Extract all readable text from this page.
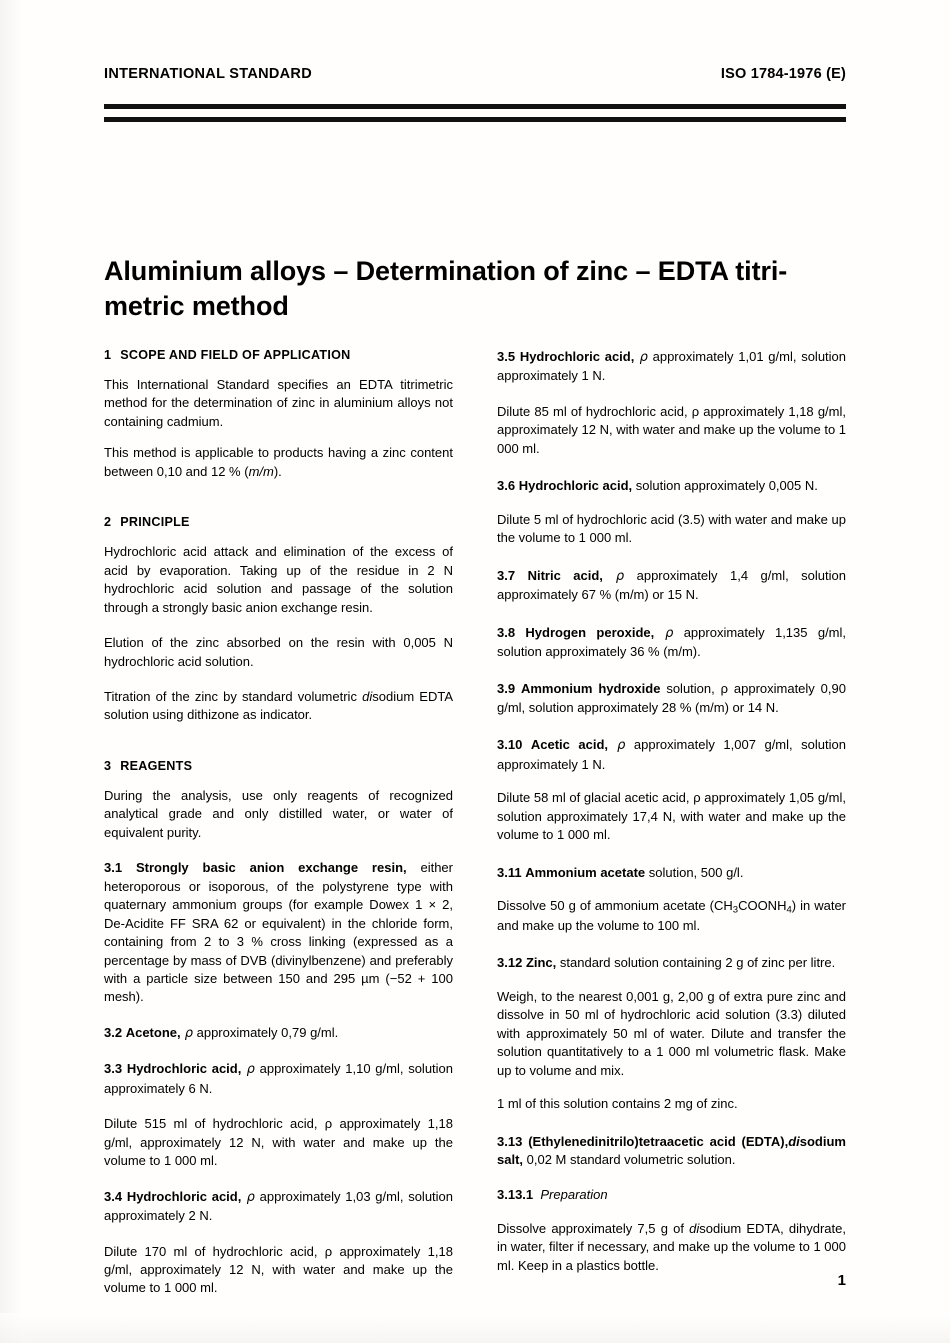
INTERNATIONAL STANDARD	ISO 1784-1976 (E)
Aluminium alloys – Determination of zinc – EDTA titri-
metric method
1 SCOPE AND FIELD OF APPLICATION

This International Standard specifies an EDTA titrimetric method for the determination of zinc in aluminium alloys not containing cadmium.

This method is applicable to products having a zinc content between 0,10 and 12 % (m/m).

2 PRINCIPLE

Hydrochloric acid attack and elimination of the excess of acid by evaporation. Taking up of the residue in 2 N hydrochloric acid solution and passage of the solution through a strongly basic anion exchange resin.

Elution of the zinc absorbed on the resin with 0,005 N hydrochloric acid solution.

Titration of the zinc by standard volumetric disodium EDTA solution using dithizone as indicator.

3 REAGENTS

During the analysis, use only reagents of recognized analytical grade and only distilled water, or water of equivalent purity.

3.1 Strongly basic anion exchange resin, either heteroporous or isoporous, of the polystyrene type with quaternary ammonium groups (for example Dowex 1 × 2, De-Acidite FF SRA 62 or equivalent) in the chloride form, containing from 2 to 3 % cross linking (expressed as a percentage by mass of DVB (divinylbenzene) and preferably with a particle size between 150 and 295 µm (−52 + 100 mesh).

3.2 Acetone, ρ approximately 0,79 g/ml.

3.3 Hydrochloric acid, ρ approximately 1,10 g/ml, solution approximately 6 N.

Dilute 515 ml of hydrochloric acid, ρ approximately 1,18 g/ml, approximately 12 N, with water and make up the volume to 1 000 ml.

3.4 Hydrochloric acid, ρ approximately 1,03 g/ml, solution approximately 2 N.

Dilute 170 ml of hydrochloric acid, ρ approximately 1,18 g/ml, approximately 12 N, with water and make up the volume to 1 000 ml.

3.5 Hydrochloric acid, ρ approximately 1,01 g/ml, solution approximately 1 N.

Dilute 85 ml of hydrochloric acid, ρ approximately 1,18 g/ml, approximately 12 N, with water and make up the volume to 1 000 ml.

3.6 Hydrochloric acid, solution approximately 0,005 N.

Dilute 5 ml of hydrochloric acid (3.5) with water and make up the volume to 1 000 ml.

3.7 Nitric acid, ρ approximately 1,4 g/ml, solution approximately 67 % (m/m) or 15 N.

3.8 Hydrogen peroxide, ρ approximately 1,135 g/ml, solution approximately 36 % (m/m).

3.9 Ammonium hydroxide solution, ρ approximately 0,90 g/ml, solution approximately 28 % (m/m) or 14 N.

3.10 Acetic acid, ρ approximately 1,007 g/ml, solution approximately 1 N.

Dilute 58 ml of glacial acetic acid, ρ approximately 1,05 g/ml, solution approximately 17,4 N, with water and make up the volume to 1 000 ml.

3.11 Ammonium acetate solution, 500 g/l.

Dissolve 50 g of ammonium acetate $(CH_3COONH_4)$ in water and make up the volume to 100 ml.

3.12 Zinc, standard solution containing 2 g of zinc per litre.

Weigh, to the nearest 0,001 g, 2,00 g of extra pure zinc and dissolve in 50 ml of hydrochloric acid solution (3.3) diluted with approximately 50 ml of water. Dilute and transfer the solution quantitatively to a 1 000 ml volumetric flask. Make up to volume and mix.

1 ml of this solution contains 2 mg of zinc.

3.13 (Ethylenedinitrilo)tetraacetic acid (EDTA),disodium salt, 0,02 M standard volumetric solution.

3.13.1 Preparation

Dissolve approximately 7,5 g of disodium EDTA, dihydrate, in water, filter if necessary, and make up the volume to 1 000 ml. Keep in a plastics bottle.

1
